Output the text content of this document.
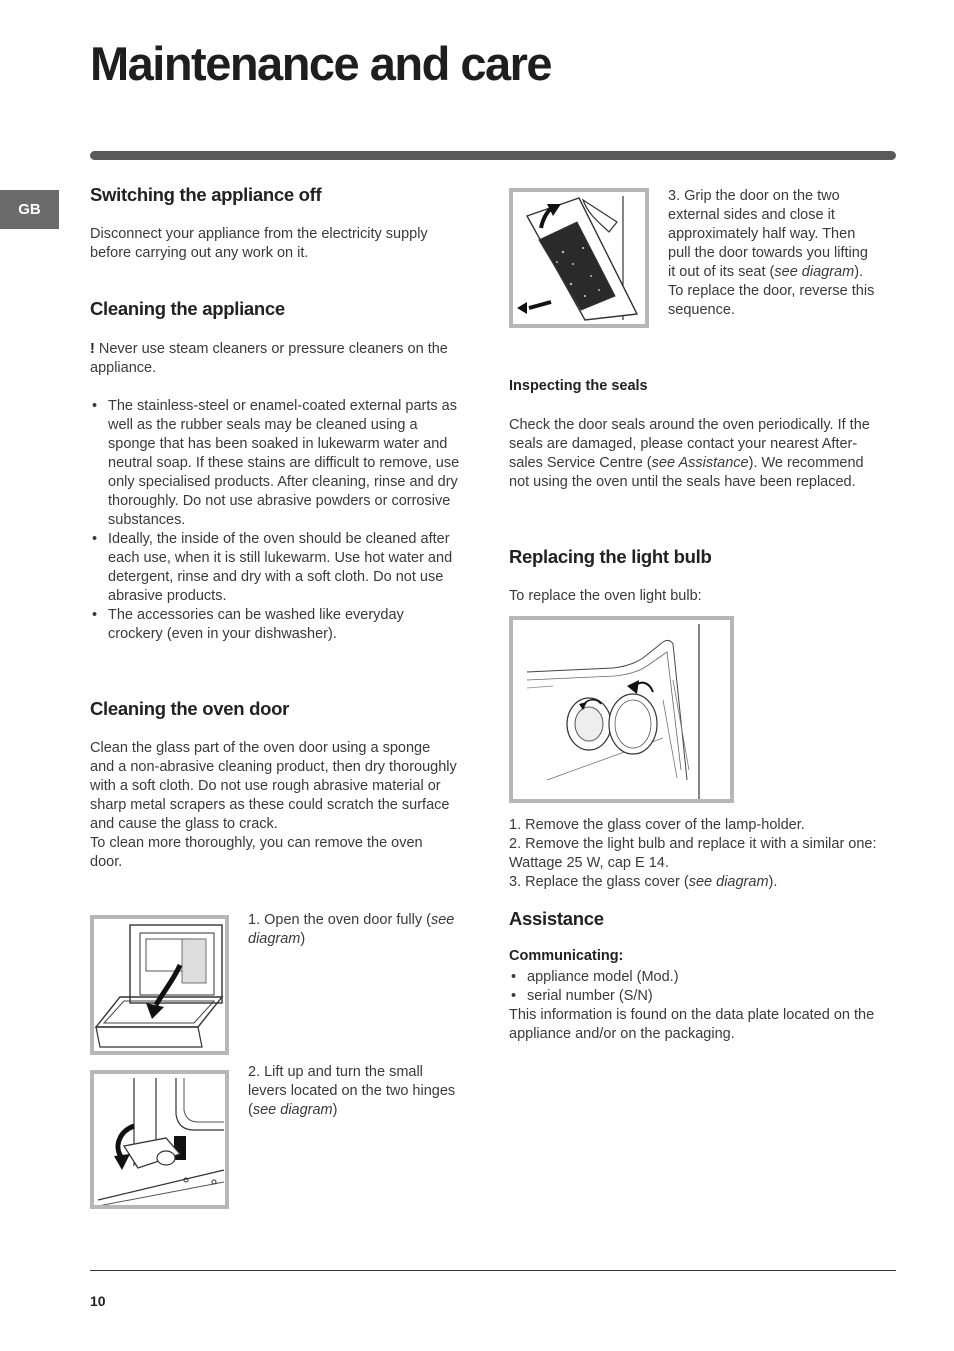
Maintenance and care
GB
Switching the appliance off

Disconnect your appliance from the electricity supply before carrying out any work on it.

Cleaning the appliance

! Never use steam cleaners or pressure cleaners on the appliance.

• The stainless-steel or enamel-coated external parts as well as the rubber seals may be cleaned using a sponge that has been soaked in lukewarm water and neutral soap. If these stains are difficult to remove, use only specialised products. After cleaning, rinse and dry thoroughly. Do not use abrasive powders or corrosive substances.
• Ideally, the inside of the oven should be cleaned after each use, when it is still lukewarm. Use hot water and detergent, rinse and dry with a soft cloth. Do not use abrasive products.
• The accessories can be washed like everyday crockery (even in your dishwasher).
Cleaning the oven door

Clean the glass part of the oven door using a sponge and a non-abrasive cleaning product, then dry thoroughly with a soft cloth. Do not use rough abrasive material or sharp metal scrapers as these could scratch the surface and cause the glass to crack.

To clean more thoroughly, you can remove the oven door.

1. Open the oven door fully (see diagram)
2. Lift up and turn the small levers located on the two hinges (see diagram)

3. Grip the door on the two external sides and close it approximately half way. Then pull the door towards you lifting it out of its seat (see diagram).

To replace the door, reverse this sequence.

Inspecting the seals

Check the door seals around the oven periodically. If the seals are damaged, please contact your nearest After-sales Service Centre (see Assistance). We recommend not using the oven until the seals have been replaced.

Replacing the light bulb

To replace the oven light bulb:

1. Remove the glass cover of the lamp-holder.

2. Remove the light bulb and replace it with a similar one: Wattage 25 W, cap E 14.

3. Replace the glass cover (see diagram).

Assistance
Communicating:
• appliance model (Mod.)
• serial number (S/N)

This information is found on the data plate located on the appliance and/or on the packaging.

10
